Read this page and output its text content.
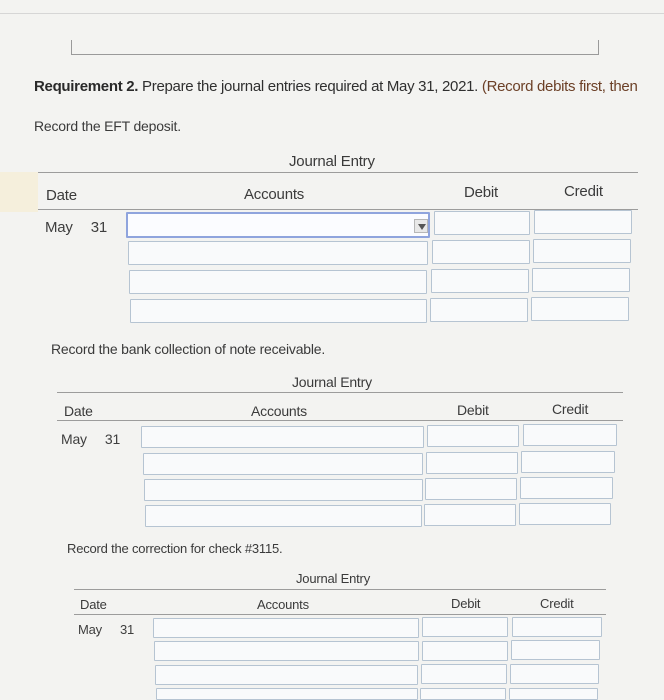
Requirement 2. Prepare the journal entries required at May 31, 2021. (Record debits first, then
Record the EFT deposit.
Journal Entry
Date	Accounts	Debit	Credit
May 31
Record the bank collection of note receivable.
Journal Entry
Date	Accounts	Debit	Credit
May 31
Record the correction for check #3115.
Journal Entry
Date	Accounts	Debit	Credit
May 31
